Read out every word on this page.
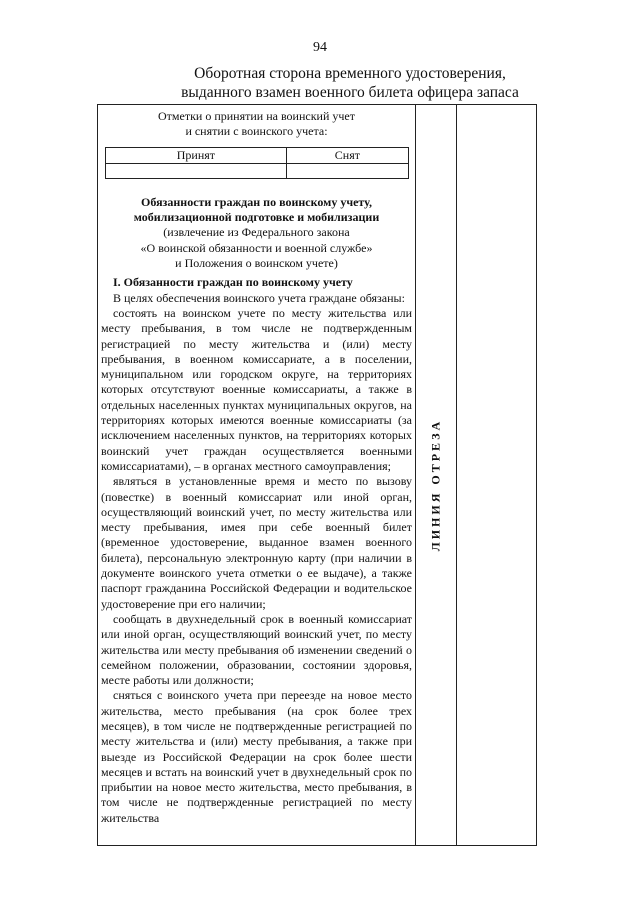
94
Оборотная сторона временного удостоверения,
выданного взамен военного билета офицера запаса
ЛИНИЯ ОТРЕЗА
Отметки о принятии на воинский учет
и снятии с воинского учета:
Принят	Снят

Обязанности граждан по воинскому учету,
мобилизационной подготовке и мобилизации
(извлечение из Федерального закона
«О воинской обязанности и военной службе»
и Положения о воинском учете)
I. Обязанности граждан по воинскому учету

В целях обеспечения воинского учета граждане обязаны:

состоять на воинском учете по месту жительства или месту пребывания, в том числе не подтвержденным регистрацией по месту жительства и (или) месту пребывания, в военном комиссариате, а в поселении, муниципальном или городском округе, на территориях которых отсутствуют военные комиссариаты, а также в отдельных населенных пунктах муниципальных округов, на территориях которых имеются военные комиссариаты (за исключением населенных пунктов, на территориях которых воинский учет граждан осуществляется военными комиссариатами), – в органах местного самоуправления;

являться в установленные время и место по вызову (повестке) в военный комиссариат или иной орган, осуществляющий воинский учет, по месту жительства или месту пребывания, имея при себе военный билет (временное удостоверение, выданное взамен военного билета), персональную электронную карту (при наличии в документе воинского учета отметки о ее выдаче), а также паспорт гражданина Российской Федерации и водительское удостоверение при его наличии;

сообщать в двухнедельный срок в военный комиссариат или иной орган, осуществляющий воинский учет, по месту жительства или месту пребывания об изменении сведений о семейном положении, образовании, состоянии здоровья, месте работы или должности;

сняться с воинского учета при переезде на новое место жительства, место пребывания (на срок более трех месяцев), в том числе не подтвержденные регистрацией по месту жительства и (или) месту пребывания, а также при выезде из Российской Федерации на срок более шести месяцев и встать на воинский учет в двухнедельный срок по прибытии на новое место жительства, место пребывания, в том числе не подтвержденные регистрацией по месту жительства
